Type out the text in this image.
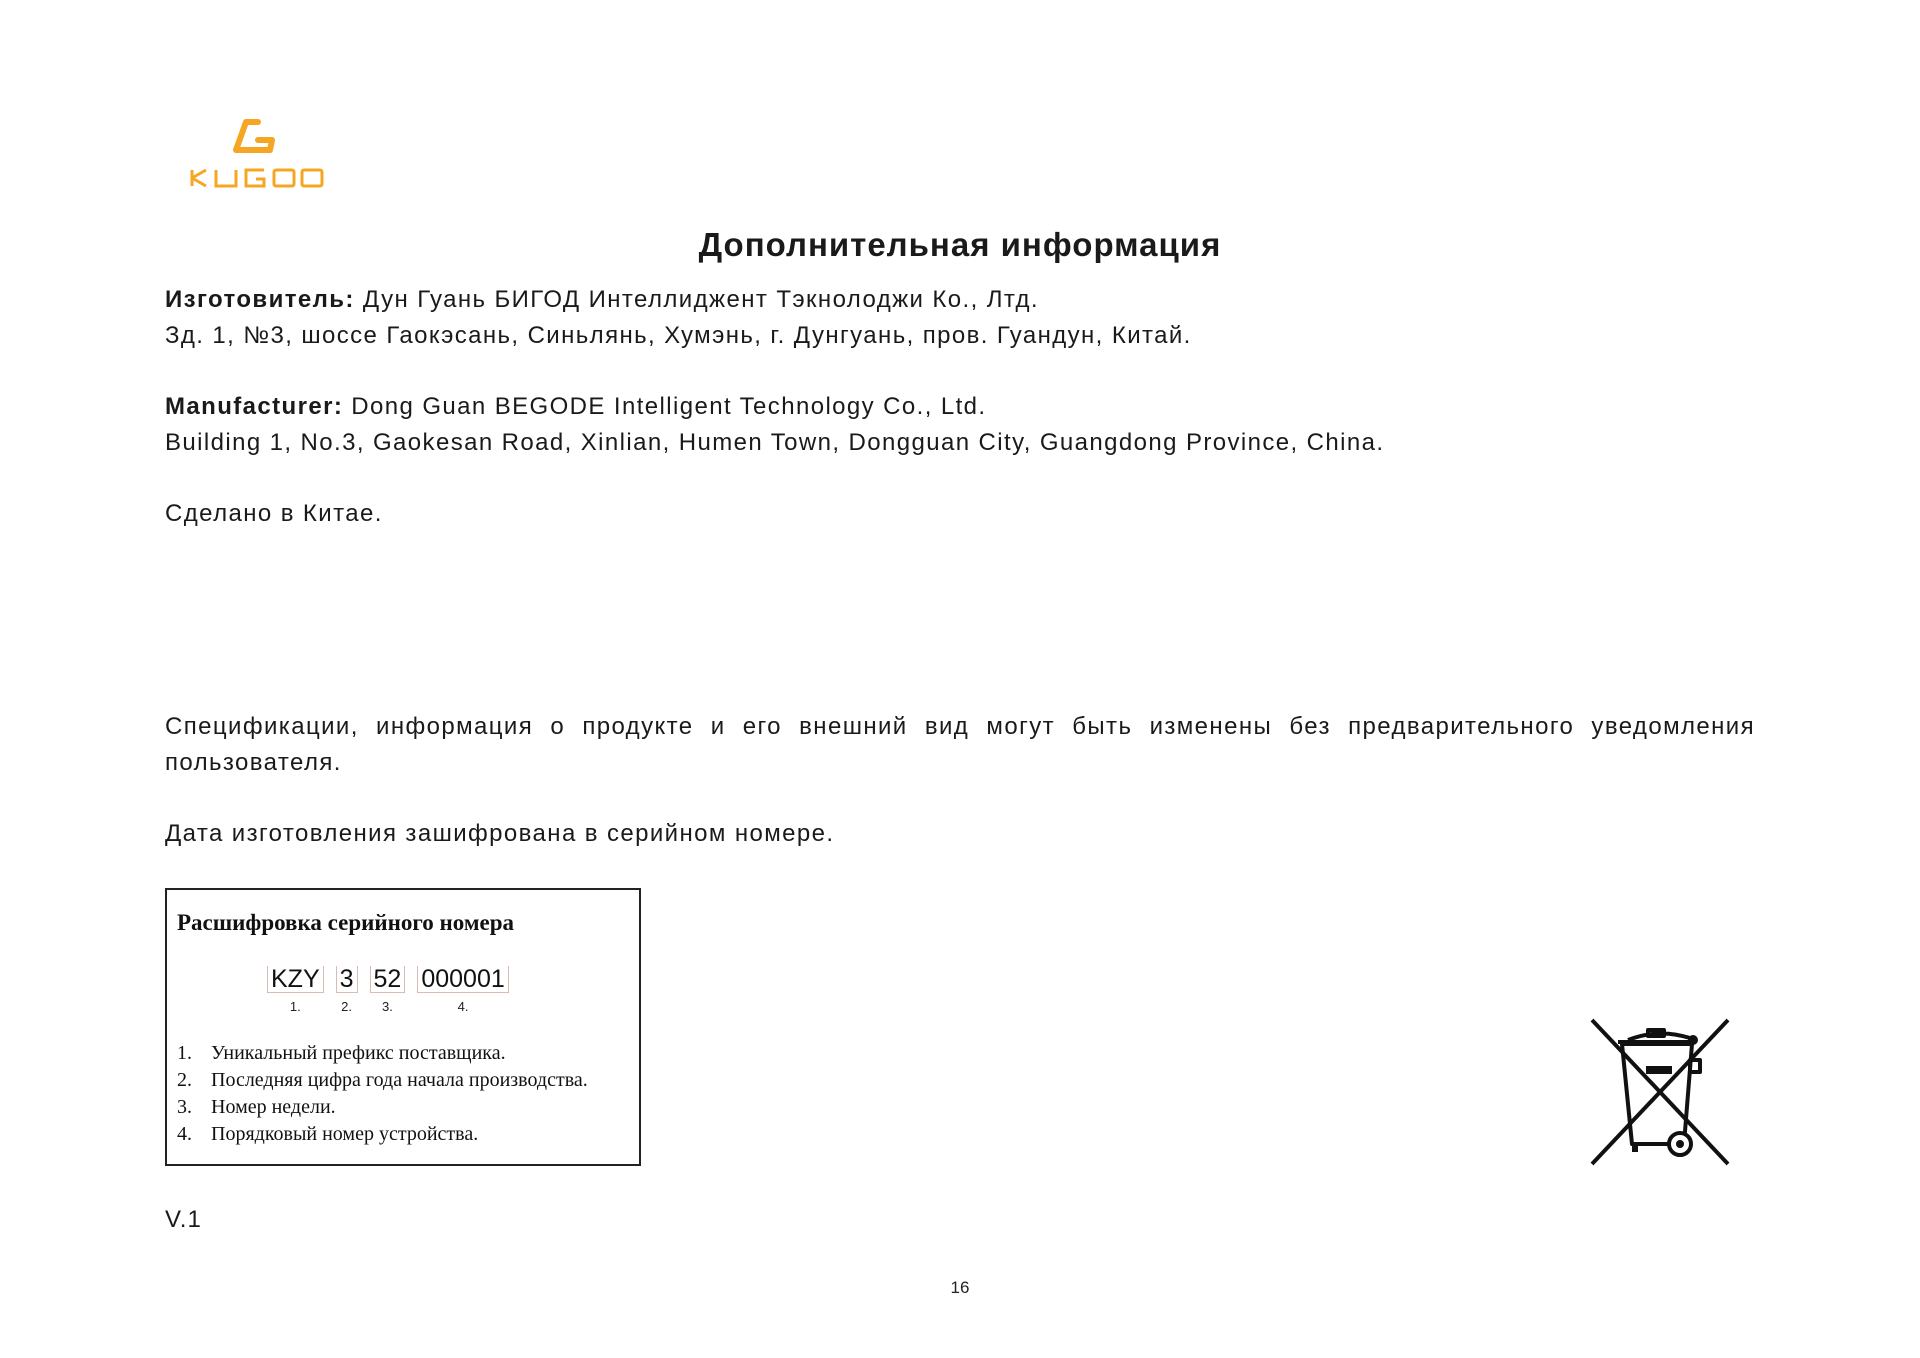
Дополнительная информация
Изготовитель: Дун Гуань БИГОД Интеллиджент Тэкнолоджи Ко., Лтд.
Зд. 1, №3, шоссе Гаокэсань, Синьлянь, Хумэнь, г. Дунгуань, пров. Гуандун, Китай.
Manufacturer: Dong Guan BEGODE Intelligent Technology Co., Ltd.
Building 1, No.3, Gaokesan Road, Xinlian, Humen Town, Dongguan City, Guangdong Province, China.
Сделано в Китае.
Спецификации, информация о продукте и его внешний вид могут быть изменены без предварительного уведомления пользователя.
Дата изготовления зашифрована в серийном номере.
Расшифровка серийного номера
KZY
1.
3
2.
52
3.
000001
4.
1. Уникальный префикс поставщика.
2. Последняя цифра года начала производства.
3. Номер недели.
4. Порядковый номер устройства.
V.1
16
